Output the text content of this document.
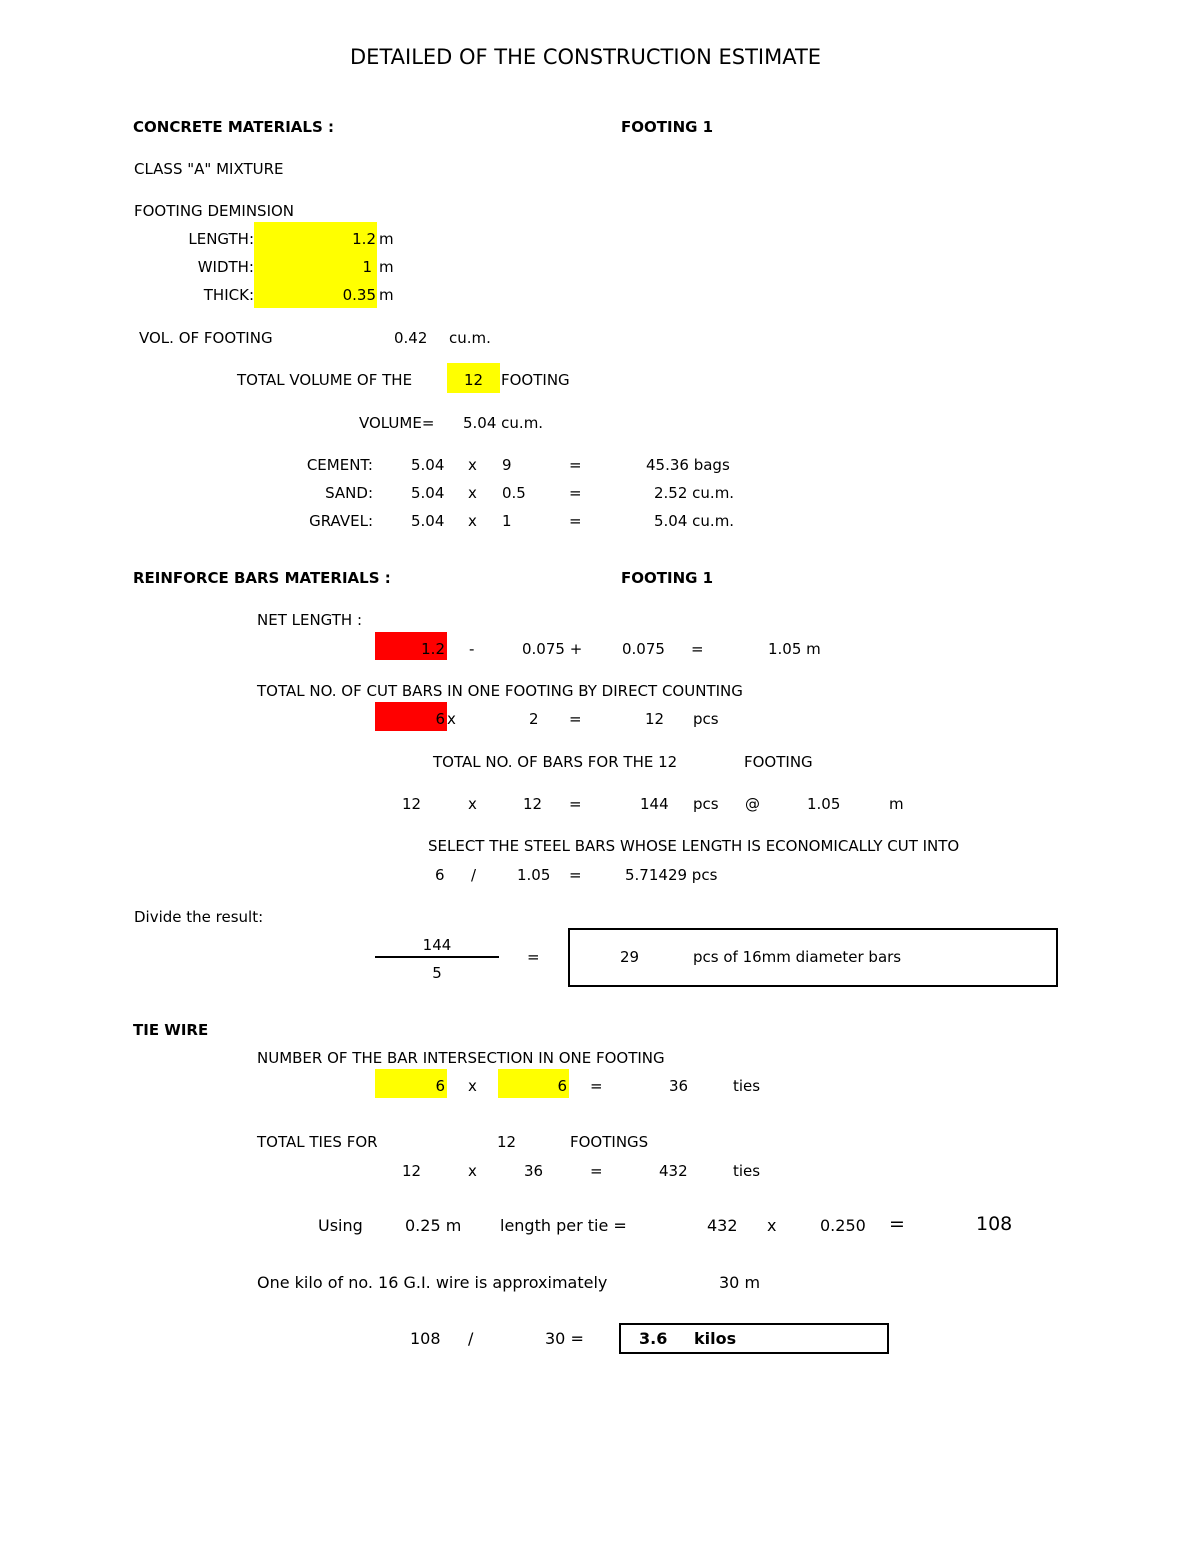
DETAILED OF THE CONSTRUCTION ESTIMATE
CONCRETE MATERIALS :	FOOTING 1
CLASS "A" MIXTURE
FOOTING DEMINSION
LENGTH:	1.2 m
WIDTH:	1 m
THICK:	0.35 m
VOL. OF FOOTING	0.42 cu.m.
TOTAL VOLUME OF THE	12	FOOTING
VOLUME= 5.04 cu.m.
CEMENT:	5.04 x 9	=	45.36 bags
SAND:	5.04 x 0.5	=	2.52 cu.m.
GRAVEL:	5.04 x 1	=	5.04 cu.m.
REINFORCE BARS MATERIALS :	FOOTING 1
NET LENGTH :
1.2 -	0.075 +	0.075 =	1.05 m
TOTAL NO. OF CUT BARS IN ONE FOOTING BY DIRECT COUNTING
6 x	2 =	12 pcs
TOTAL NO. OF BARS FOR THE 12	FOOTING
12	x	12 =	144 pcs @	1.05	m
SELECT THE STEEL BARS WHOSE LENGTH IS ECONOMICALLY CUT INTO
6 /	1.05 =	5.71429 pcs
Divide the result:
144
5
=	29	pcs of 16mm diameter bars
TIE WIRE
NUMBER OF THE BAR INTERSECTION IN ONE FOOTING
6 x	6 =	36	ties
TOTAL TIES FOR	12	FOOTINGS
12	x	36	=	432	ties
Using	0.25 m length per tie =	432 x	0.250 =	108
One kilo of no. 16 G.I. wire is approximately	30 m
108 /	30 =	3.6 kilos
